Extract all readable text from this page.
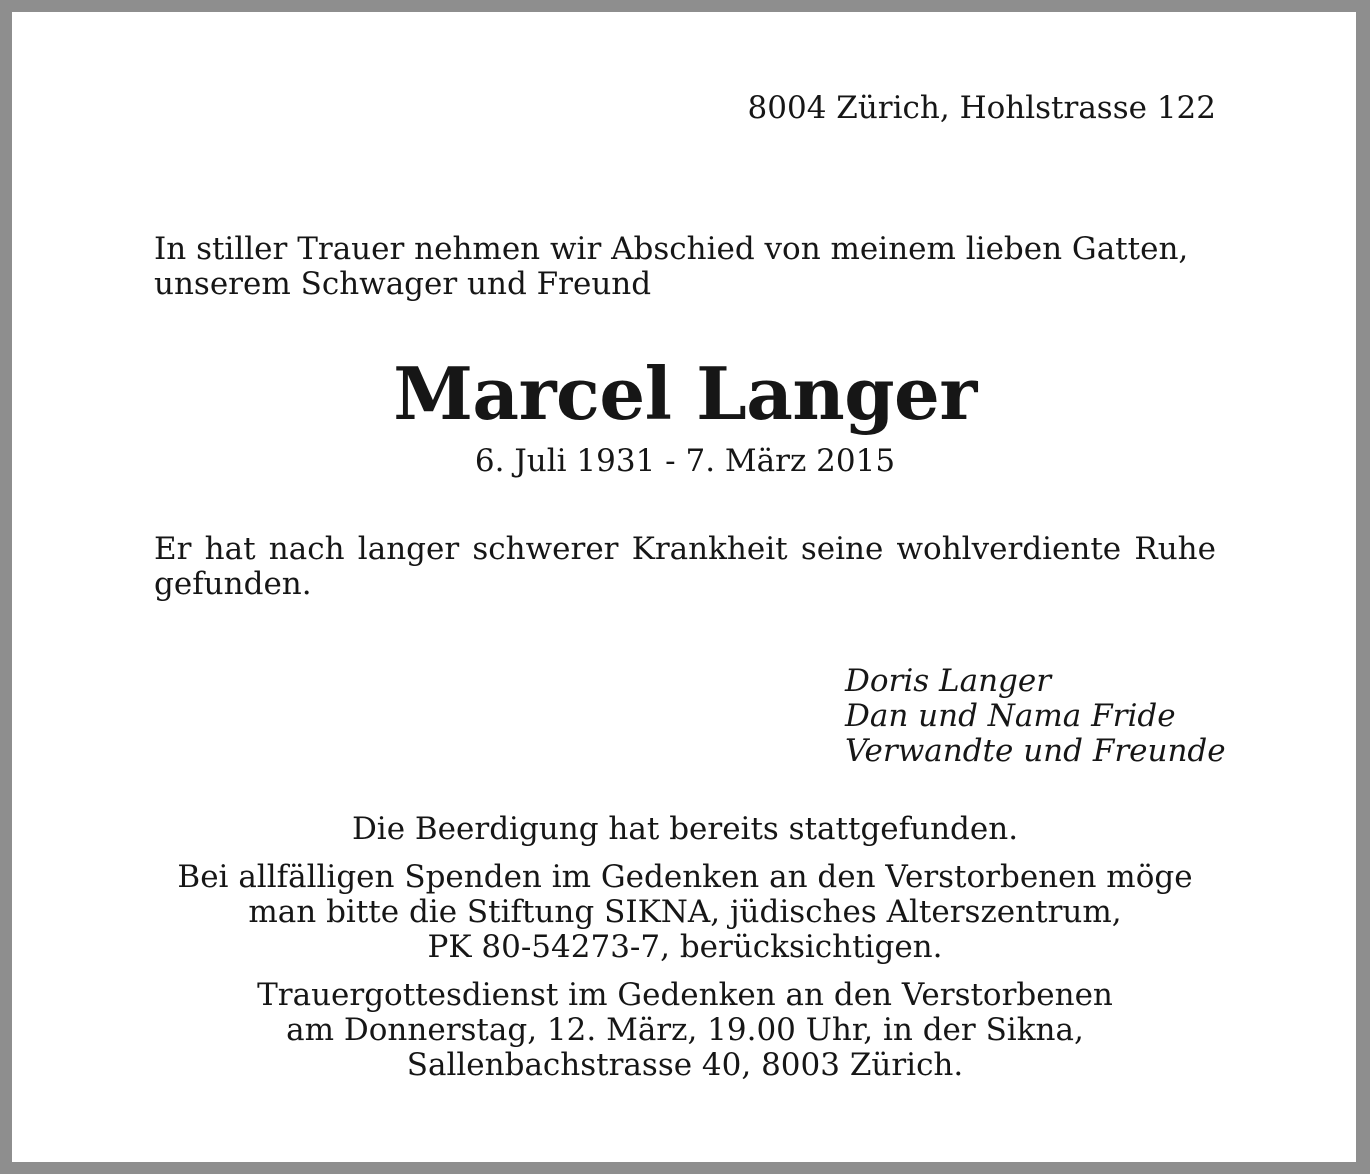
8004 Zürich, Hohlstrasse 122
In stiller Trauer nehmen wir Abschied von meinem lieben Gatten,
unserem Schwager und Freund
Marcel Langer
6. Juli 1931 - 7. März 2015
Er hat nach langer schwerer Krankheit seine wohlverdiente Ruhe
gefunden.
Doris Langer
Dan und Nama Fride
Verwandte und Freunde
Die Beerdigung hat bereits stattgefunden.
Bei allfälligen Spenden im Gedenken an den Verstorbenen möge
man bitte die Stiftung SIKNA, jüdisches Alterszentrum,
PK 80-54273-7, berücksichtigen.
Trauergottesdienst im Gedenken an den Verstorbenen
am Donnerstag, 12. März, 19.00 Uhr, in der Sikna,
Sallenbachstrasse 40, 8003 Zürich.
